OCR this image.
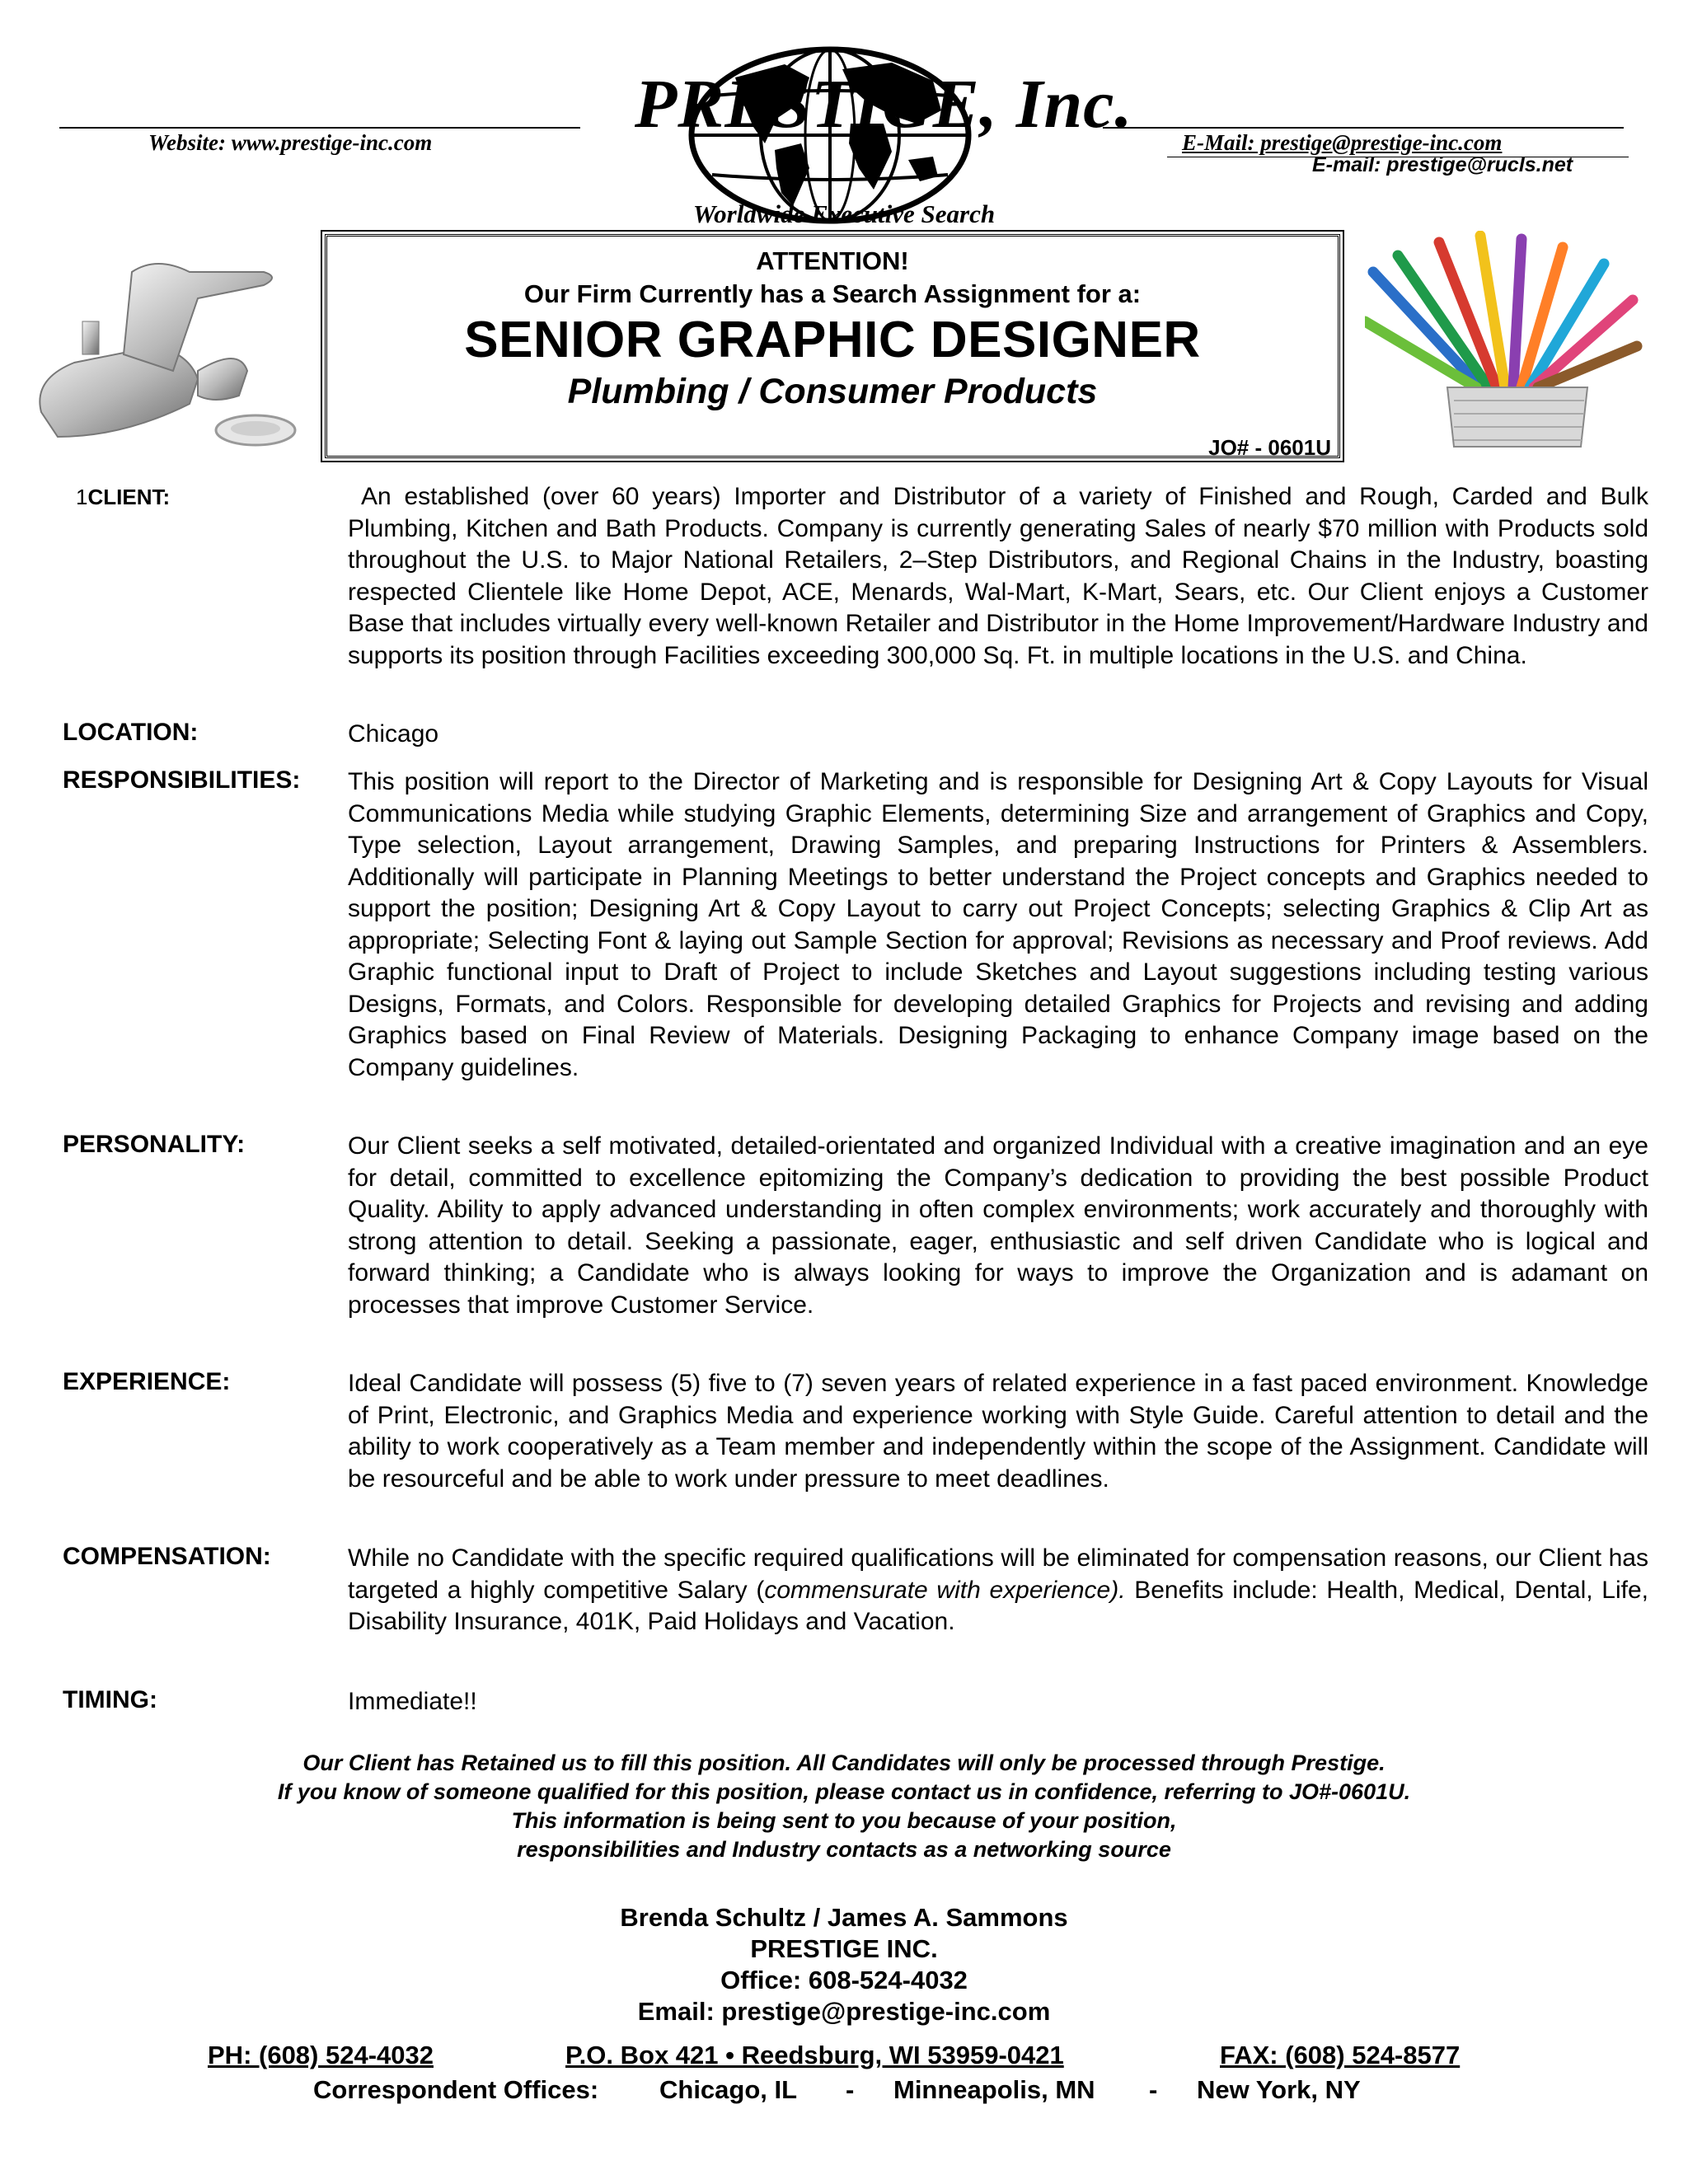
Website: www.prestige-inc.com	E-Mail: prestige@prestige-inc.com
E-mail: prestige@rucls.net
PRESTIGE, Inc.
Worldwide Executive Search
ATTENTION!
Our Firm Currently has a Search Assignment for a:
SENIOR GRAPHIC DESIGNER
Plumbing / Consumer Products
JO# - 0601U
1CLIENT:	An established (over 60 years) Importer and Distributor of a variety of Finished and Rough, Carded and Bulk Plumbing, Kitchen and Bath Products. Company is currently generating Sales of nearly $70 million with Products sold throughout the U.S. to Major National Retailers, 2–Step Distributors, and Regional Chains in the Industry, boasting respected Clientele like Home Depot, ACE, Menards, Wal-Mart, K-Mart, Sears, etc. Our Client enjoys a Customer Base that includes virtually every well-known Retailer and Distributor in the Home Improvement/Hardware Industry and supports its position through Facilities exceeding 300,000 Sq. Ft. in multiple locations in the U.S. and China.
LOCATION:	Chicago
RESPONSIBILITIES: This position will report to the Director of Marketing and is responsible for Designing Art & Copy Layouts for Visual Communications Media while studying Graphic Elements, determining Size and arrangement of Graphics and Copy, Type selection, Layout arrangement, Drawing Samples, and preparing Instructions for Printers & Assemblers. Additionally will participate in Planning Meetings to better understand the Project concepts and Graphics needed to support the position; Designing Art & Copy Layout to carry out Project Concepts; selecting Graphics & Clip Art as appropriate; Selecting Font & laying out Sample Section for approval; Revisions as necessary and Proof reviews. Add Graphic functional input to Draft of Project to include Sketches and Layout suggestions including testing various Designs, Formats, and Colors. Responsible for developing detailed Graphics for Projects and revising and adding Graphics based on Final Review of Materials. Designing Packaging to enhance Company image based on the Company guidelines.
PERSONALITY:	Our Client seeks a self motivated, detailed-orientated and organized Individual with a creative imagination and an eye for detail, committed to excellence epitomizing the Company’s dedication to providing the best possible Product Quality. Ability to apply advanced understanding in often complex environments; work accurately and thoroughly with strong attention to detail. Seeking a passionate, eager, enthusiastic and self driven Candidate who is logical and forward thinking; a Candidate who is always looking for ways to improve the Organization and is adamant on processes that improve Customer Service.
EXPERIENCE:	Ideal Candidate will possess (5) five to (7) seven years of related experience in a fast paced environment. Knowledge of Print, Electronic, and Graphics Media and experience working with Style Guide. Careful attention to detail and the ability to work cooperatively as a Team member and independently within the scope of the Assignment. Candidate will be resourceful and be able to work under pressure to meet deadlines.
COMPENSATION:	While no Candidate with the specific required qualifications will be eliminated for compensation reasons, our Client has targeted a highly competitive Salary (commensurate with experience). Benefits include: Health, Medical, Dental, Life, Disability Insurance, 401K, Paid Holidays and Vacation.
TIMING:	Immediate!!
Our Client has Retained us to fill this position. All Candidates will only be processed through Prestige.
If you know of someone qualified for this position, please contact us in confidence, referring to JO#-0601U.
This information is being sent to you because of your position,
responsibilities and Industry contacts as a networking source
Brenda Schultz / James A. Sammons
PRESTIGE INC.
Office: 608-524-4032
Email: prestige@prestige-inc.com
PH: (608) 524-4032	P.O. Box 421 • Reedsburg, WI 53959-0421	FAX: (608) 524-8577
Correspondent Offices: Chicago, IL - Minneapolis, MN - New York, NY
